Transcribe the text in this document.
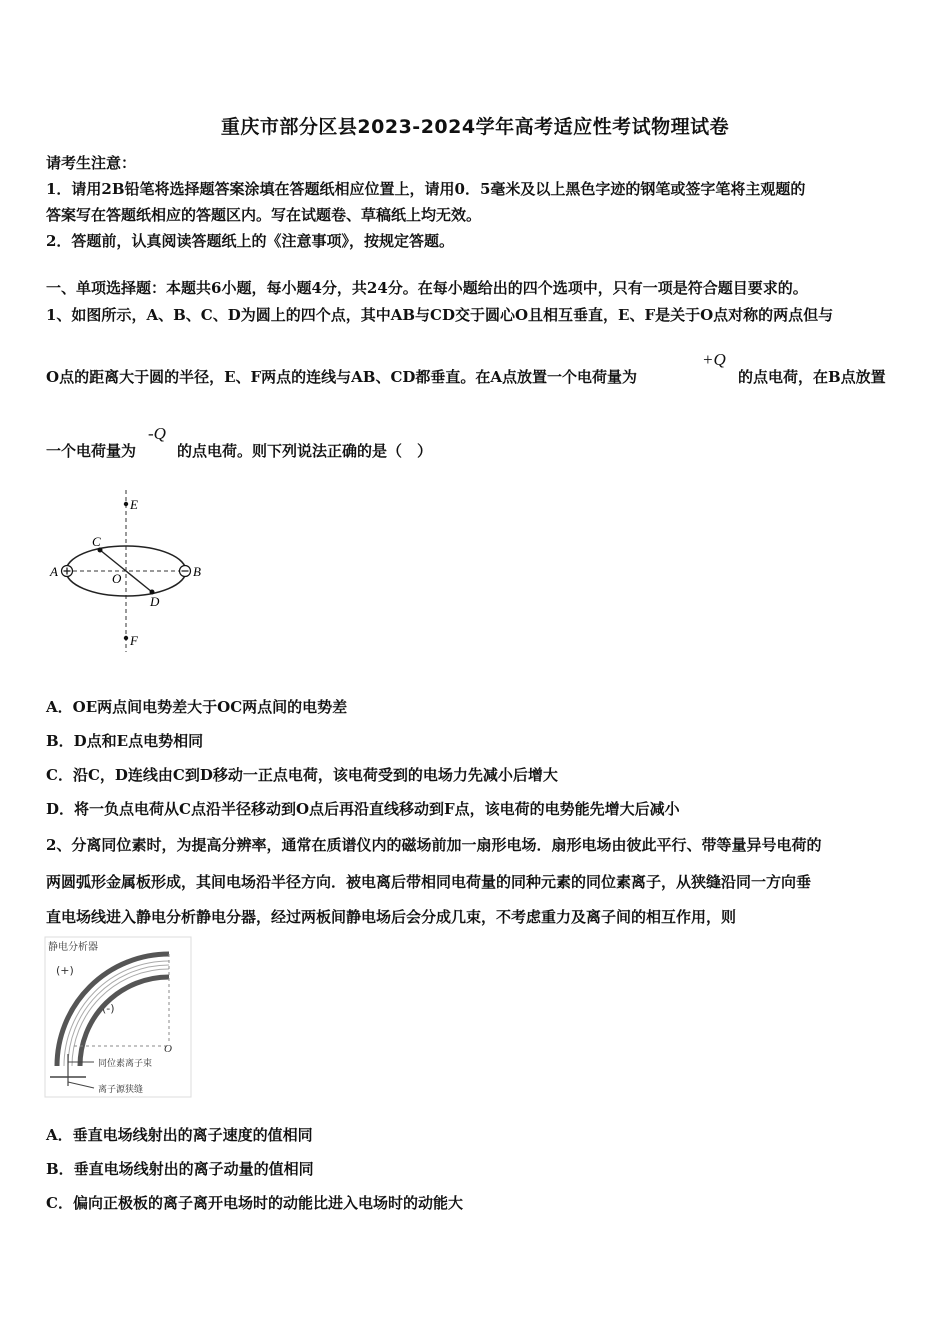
重庆市部分区县2023-2024学年高考适应性考试物理试卷
请考生注意：
1．请用2B铅笔将选择题答案涂填在答题纸相应位置上，请用0．5毫米及以上黑色字迹的钢笔或签字笔将主观题的
答案写在答题纸相应的答题区内。写在试题卷、草稿纸上均无效。
2．答题前，认真阅读答题纸上的《注意事项》，按规定答题。
一、单项选择题：本题共6小题，每小题4分，共24分。在每小题给出的四个选项中，只有一项是符合题目要求的。
1、如图所示，A、B、C、D为圆上的四个点，其中AB与CD交于圆心O且相互垂直，E、F是关于O点对称的两点但与
O点的距离大于圆的半径，E、F两点的连线与AB、CD都垂直。在A点放置一个电荷量为
+Q
的点电荷，在B点放置
一个电荷量为
-Q
的点电荷。则下列说法正确的是（　）
E
F
A	B
C
D
O
A．OE两点间电势差大于OC两点间的电势差
B．D点和E点电势相同
C．沿C，D连线由C到D移动一正点电荷，该电荷受到的电场力先减小后增大
D．将一负点电荷从C点沿半径移动到O点后再沿直线移动到F点，该电荷的电势能先增大后减小
2、分离同位素时，为提高分辨率，通常在质谱仪内的磁场前加一扇形电场．扇形电场由彼此平行、带等量异号电荷的
两圆弧形金属板形成，其间电场沿半径方向．被电离后带相同电荷量的同种元素的同位素离子，从狭缝沿同一方向垂
直电场线进入静电分析静电分器，经过两板间静电场后会分成几束，不考虑重力及离子间的相互作用，则
静电分析器
(+)
(-)
O
同位素离子束
离子源狭缝
A．垂直电场线射出的离子速度的值相同
B．垂直电场线射出的离子动量的值相同
C．偏向正极板的离子离开电场时的动能比进入电场时的动能大
